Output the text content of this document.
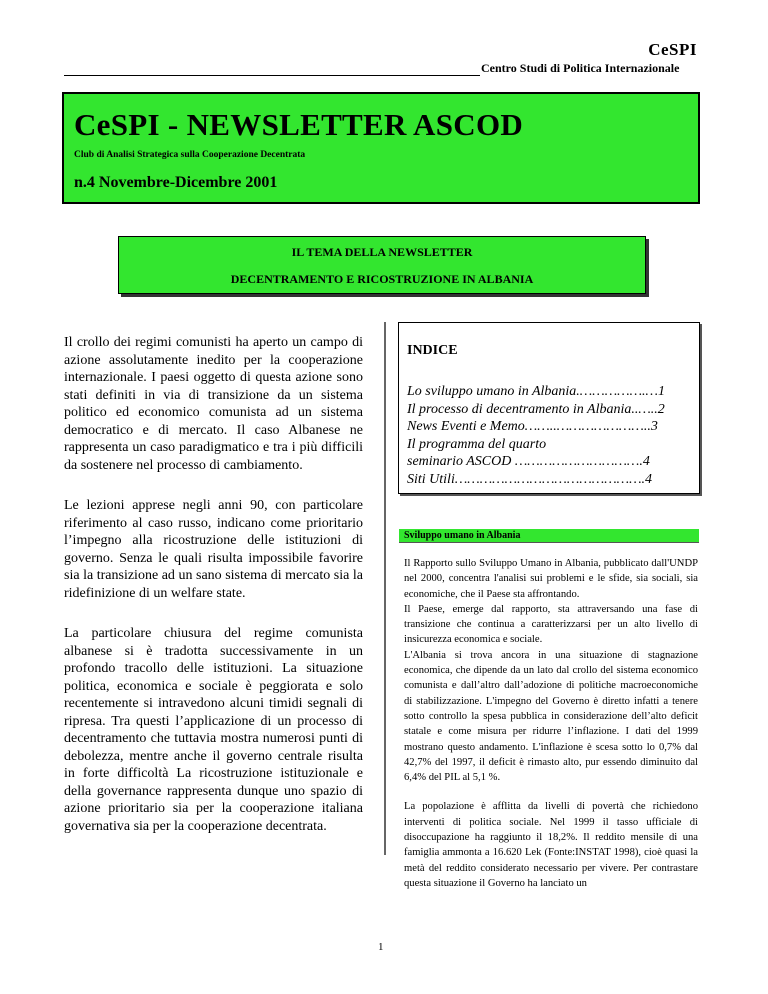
CeSPI
Centro Studi di Politica Internazionale
CeSPI - NEWSLETTER ASCOD
Club di Analisi Strategica sulla Cooperazione Decentrata
n.4 Novembre-Dicembre 2001
IL TEMA DELLA NEWSLETTER
DECENTRAMENTO E RICOSTRUZIONE IN ALBANIA

Il crollo dei regimi comunisti ha aperto un campo di azione assolutamente inedito per la cooperazione internazionale. I paesi oggetto di questa azione sono stati definiti in via di transizione da un sistema politico ed economico comunista ad un sistema democratico e di mercato. Il caso Albanese ne rappresenta un caso paradigmatico e tra i più difficili da sostenere nel processo di cambiamento.

Le lezioni apprese negli anni 90, con particolare riferimento al caso russo, indicano come prioritario l’impegno alla ricostruzione delle istituzioni di governo. Senza le quali risulta impossibile favorire sia la transizione ad un sano sistema di mercato sia la ridefinizione di un welfare state.

La particolare chiusura del regime comunista albanese si è tradotta successivamente in un profondo tracollo delle istituzioni. La situazione politica, economica e sociale è peggiorata e solo recentemente si intravedono alcuni timidi segnali di ripresa. Tra questi l’applicazione di un processo di decentramento che tuttavia mostra numerosi punti di debolezza, mentre anche il governo centrale risulta in forte difficoltà La ricostruzione istituzionale e della governance rappresenta dunque uno spazio di azione prioritario sia per la cooperazione italiana governativa sia per la cooperazione decentrata.

INDICE
Lo sviluppo umano in Albania.…………….…1
Il processo di decentramento in Albania..…..2
News Eventi e Memo……..…………………..3
Il programma del quarto
seminario ASCOD ………………………….4
Siti Utili……………………………………….4
Sviluppo umano in Albania

Il Rapporto sullo Sviluppo Umano in Albania, pubblicato dall'UNDP nel 2000, concentra l'analisi sui problemi e le sfide, sia sociali, sia economiche, che il Paese sta affrontando.

Il Paese, emerge dal rapporto, sta attraversando una fase di transizione che continua a caratterizzarsi per un alto livello di insicurezza economica e sociale.

L'Albania si trova ancora in una situazione di stagnazione economica, che dipende da un lato dal crollo del sistema economico comunista e dall’altro dall’adozione di politiche macroeconomiche di stabilizzazione. L'impegno del Governo è diretto infatti a tenere sotto controllo la spesa pubblica in considerazione dell’alto deficit statale e come misura per ridurre l’inflazione. I dati del 1999 mostrano questo andamento. L'inflazione è scesa sotto lo 0,7% dal 42,7% del 1997, il deficit è rimasto alto, pur essendo diminuito dal 6,4% del PIL al 5,1 %.

La popolazione è afflitta da livelli di povertà che richiedono interventi di politica sociale. Nel 1999 il tasso ufficiale di disoccupazione ha raggiunto il 18,2%. Il reddito mensile di una famiglia ammonta a 16.620 Lek (Fonte:INSTAT 1998), cioè quasi la metà del reddito considerato necessario per vivere. Per contrastare questa situazione il Governo ha lanciato un

1
